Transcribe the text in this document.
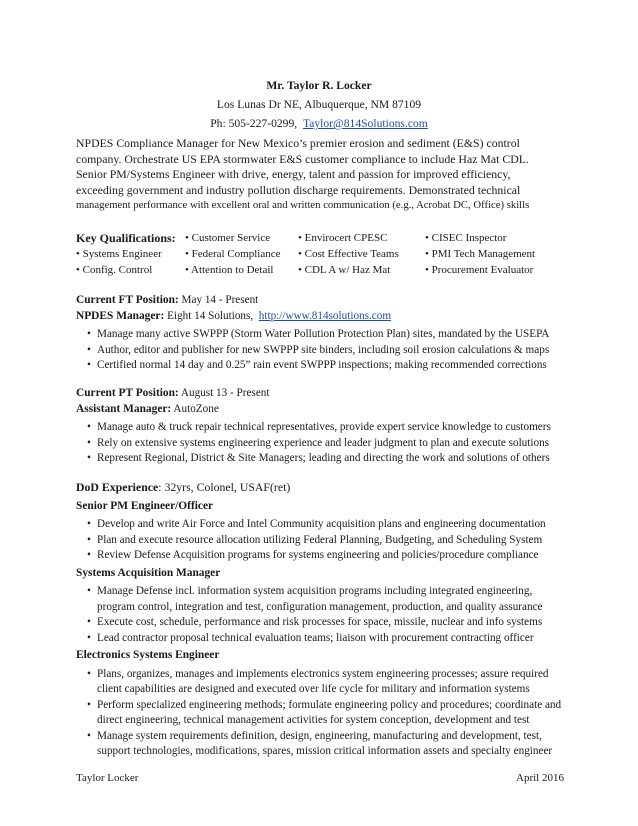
Mr. Taylor R. Locker
Los Lunas Dr NE, Albuquerque, NM 87109
Ph: 505-227-0299, Taylor@814Solutions.com
NPDES Compliance Manager for New Mexico’s premier erosion and sediment (E&S) control
company. Orchestrate US EPA stormwater E&S customer compliance to include Haz Mat CDL.
Senior PM/Systems Engineer with drive, energy, talent and passion for improved efficiency,
exceeding government and industry pollution discharge requirements. Demonstrated technical
management performance with excellent oral and written communication (e.g., Acrobat DC, Office) skills
Key Qualifications: • Customer Service	• Envirocert CPESC	• CISEC Inspector
• Systems Engineer	• Federal Compliance	• Cost Effective Teams	• PMI Tech Management
• Config. Control	• Attention to Detail	• CDL A w/ Haz Mat	• Procurement Evaluator
Current FT Position: May 14 - Present
NPDES Manager: Eight 14 Solutions, http://www.814solutions.com
• Manage many active SWPPP (Storm Water Pollution Protection Plan) sites, mandated by the USEPA
• Author, editor and publisher for new SWPPP site binders, including soil erosion calculations & maps
• Certified normal 14 day and 0.25” rain event SWPPP inspections; making recommended corrections
Current PT Position: August 13 - Present
Assistant Manager: AutoZone
• Manage auto & truck repair technical representatives, provide expert service knowledge to customers
• Rely on extensive systems engineering experience and leader judgment to plan and execute solutions
• Represent Regional, District & Site Managers; leading and directing the work and solutions of others
DoD Experience: 32yrs, Colonel, USAF(ret)
Senior PM Engineer/Officer
• Develop and write Air Force and Intel Community acquisition plans and engineering documentation
• Plan and execute resource allocation utilizing Federal Planning, Budgeting, and Scheduling System
• Review Defense Acquisition programs for systems engineering and policies/procedure compliance
Systems Acquisition Manager
• Manage Defense incl. information system acquisition programs including integrated engineering, program control, integration and test, configuration management, production, and quality assurance
• Execute cost, schedule, performance and risk processes for space, missile, nuclear and info systems
• Lead contractor proposal technical evaluation teams; liaison with procurement contracting officer
Electronics Systems Engineer
• Plans, organizes, manages and implements electronics system engineering processes; assure required client capabilities are designed and executed over life cycle for military and information systems
• Perform specialized engineering methods; formulate engineering policy and procedures; coordinate and direct engineering, technical management activities for system conception, development and test
• Manage system requirements definition, design, engineering, manufacturing and development, test, support technologies, modifications, spares, mission critical information assets and specialty engineer
Taylor Locker	April 2016
